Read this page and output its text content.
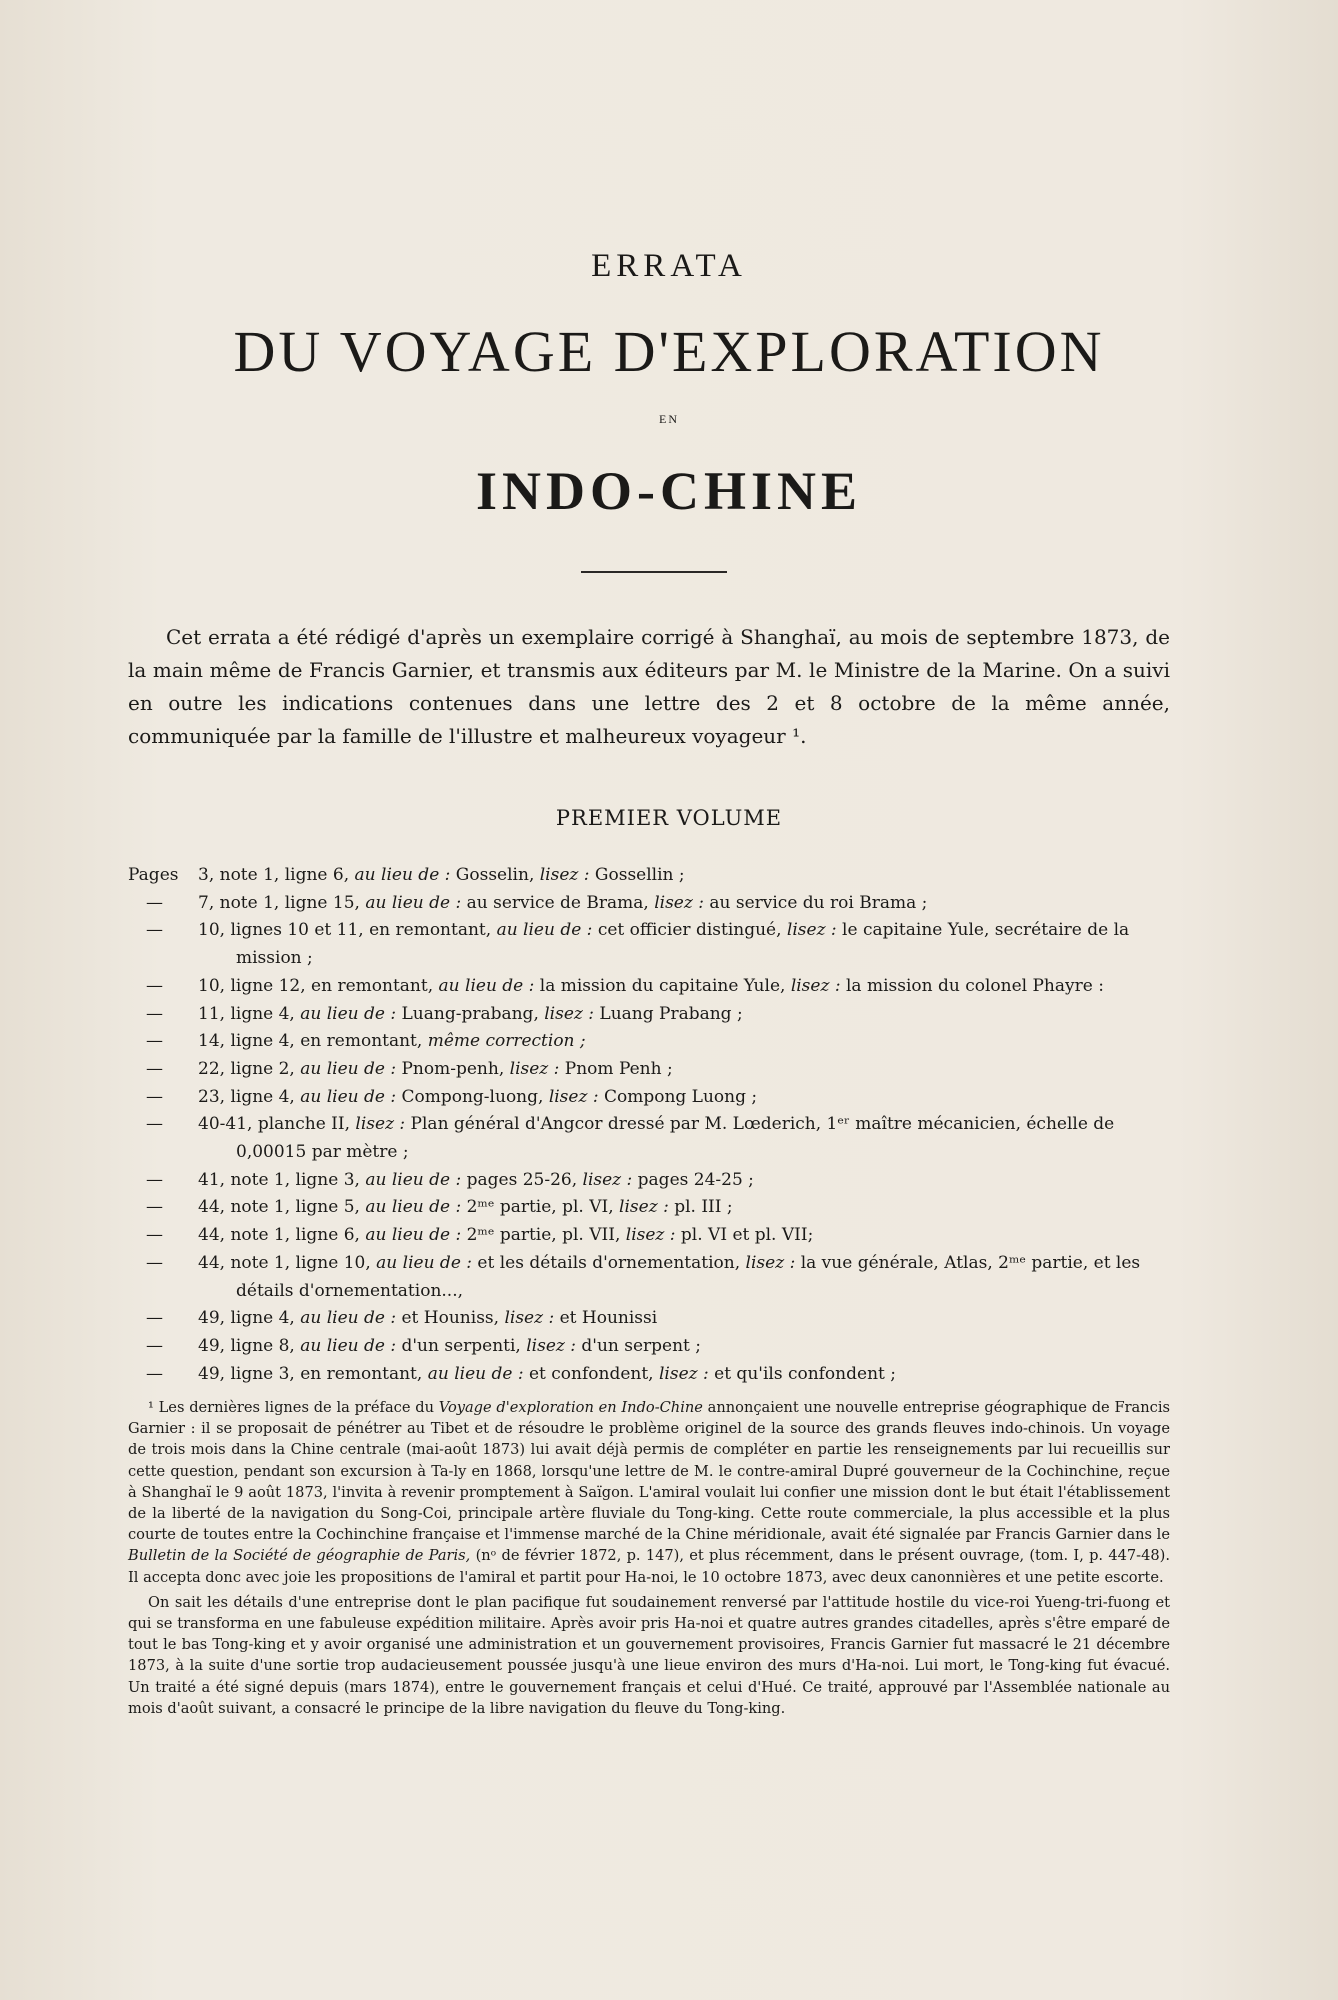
ERRATA
DU VOYAGE D'EXPLORATION
EN
INDO-CHINE
Cet errata a été rédigé d'après un exemplaire corrigé à Shanghaï, au mois de septembre 1873, de la main même de Francis Garnier, et transmis aux éditeurs par M. le Ministre de la Marine. On a suivi en outre les indications contenues dans une lettre des 2 et 8 octobre de la même année, communiquée par la famille de l'illustre et malheureux voyageur ¹.
PREMIER VOLUME
Pages	3, note 1, ligne 6, au lieu de : Gosselin, lisez : Gossellin ;
—	7, note 1, ligne 15, au lieu de : au service de Brama, lisez : au service du roi Brama ;
—	10, lignes 10 et 11, en remontant, au lieu de : cet officier distingué, lisez : le capitaine Yule, secrétaire de la
mission ;
—	10, ligne 12, en remontant, au lieu de : la mission du capitaine Yule, lisez : la mission du colonel Phayre :
—	11, ligne 4, au lieu de : Luang-prabang, lisez : Luang Prabang ;
—	14, ligne 4, en remontant, même correction ;
—	22, ligne 2, au lieu de : Pnom-penh, lisez : Pnom Penh ;
—	23, ligne 4, au lieu de : Compong-luong, lisez : Compong Luong ;
—	40-41, planche II, lisez : Plan général d'Angcor dressé par M. Lœderich, 1ᵉʳ maître mécanicien, échelle de
0,00015 par mètre ;
—	41, note 1, ligne 3, au lieu de : pages 25-26, lisez : pages 24-25 ;
—	44, note 1, ligne 5, au lieu de : 2ᵐᵉ partie, pl. VI, lisez : pl. III ;
—	44, note 1, ligne 6, au lieu de : 2ᵐᵉ partie, pl. VII, lisez : pl. VI et pl. VII;
—	44, note 1, ligne 10, au lieu de : et les détails d'ornementation, lisez : la vue générale, Atlas, 2ᵐᵉ partie, et les
détails d'ornementation...,
—	49, ligne 4, au lieu de : et Houniss, lisez : et Hounissi
—	49, ligne 8, au lieu de : d'un serpenti, lisez : d'un serpent ;
—	49, ligne 3, en remontant, au lieu de : et confondent, lisez : et qu'ils confondent ;

¹ Les dernières lignes de la préface du Voyage d'exploration en Indo-Chine annonçaient une nouvelle entreprise géographique de Francis Garnier : il se proposait de pénétrer au Tibet et de résoudre le problème originel de la source des grands fleuves indo-chinois. Un voyage de trois mois dans la Chine centrale (mai-août 1873) lui avait déjà permis de compléter en partie les renseignements par lui recueillis sur cette question, pendant son excursion à Ta-ly en 1868, lorsqu'une lettre de M. le contre-amiral Dupré gouverneur de la Cochinchine, reçue à Shanghaï le 9 août 1873, l'invita à revenir promptement à Saïgon. L'amiral voulait lui confier une mission dont le but était l'établissement de la liberté de la navigation du Song-Coi, principale artère fluviale du Tong-king. Cette route commerciale, la plus accessible et la plus courte de toutes entre la Cochinchine française et l'immense marché de la Chine méridionale, avait été signalée par Francis Garnier dans le Bulletin de la Société de géographie de Paris, (nᵒ de février 1872, p. 147), et plus récemment, dans le présent ouvrage, (tom. I, p. 447-48). Il accepta donc avec joie les propositions de l'amiral et partit pour Ha-noi, le 10 octobre 1873, avec deux canonnières et une petite escorte.

On sait les détails d'une entreprise dont le plan pacifique fut soudainement renversé par l'attitude hostile du vice-roi Yueng-tri-fuong et qui se transforma en une fabuleuse expédition militaire. Après avoir pris Ha-noi et quatre autres grandes citadelles, après s'être emparé de tout le bas Tong-king et y avoir organisé une administration et un gouvernement provisoires, Francis Garnier fut massacré le 21 décembre 1873, à la suite d'une sortie trop audacieusement poussée jusqu'à une lieue environ des murs d'Ha-noi. Lui mort, le Tong-king fut évacué. Un traité a été signé depuis (mars 1874), entre le gouvernement français et celui d'Hué. Ce traité, approuvé par l'Assemblée nationale au mois d'août suivant, a consacré le principe de la libre navigation du fleuve du Tong-king.
